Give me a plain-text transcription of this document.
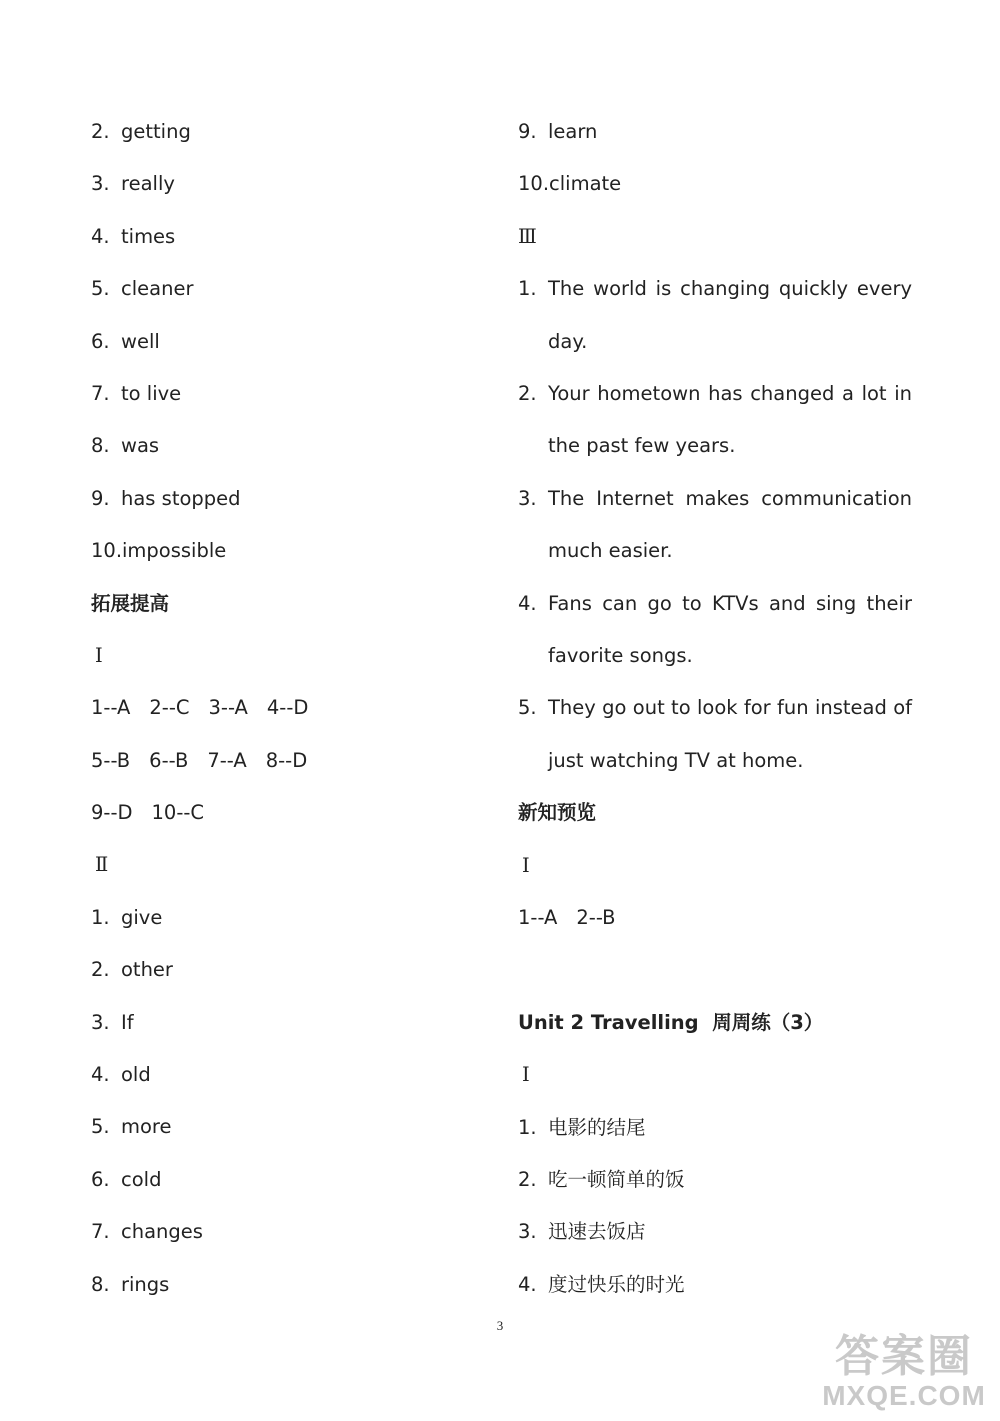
2. getting
3. really
4. times
5. cleaner
6. well
7. to live
8. was
9. has stopped
10.impossible
拓展提高
Ⅰ
1--A 2--C 3--A 4--D
5--B 6--B 7--A 8--D
9--D 10--C
Ⅱ
1. give
2. other
3. If
4. old
5. more
6. cold
7. changes
8. rings
9. learn
10.climate
Ⅲ
1. The world is changing quickly every day.
2. Your hometown has changed a lot in the past few years.
3. The Internet makes communication much easier.
4. Fans can go to KTVs and sing their favorite songs.
5. They go out to look for fun instead of just watching TV at home.
新知预览
Ⅰ
1--A 2--B
Unit 2 Travelling  周周练（3）
Ⅰ
1. 电影的结尾
2. 吃一顿简单的饭
3. 迅速去饭店
4. 度过快乐的时光
3
答案圈
MXQE.COM
